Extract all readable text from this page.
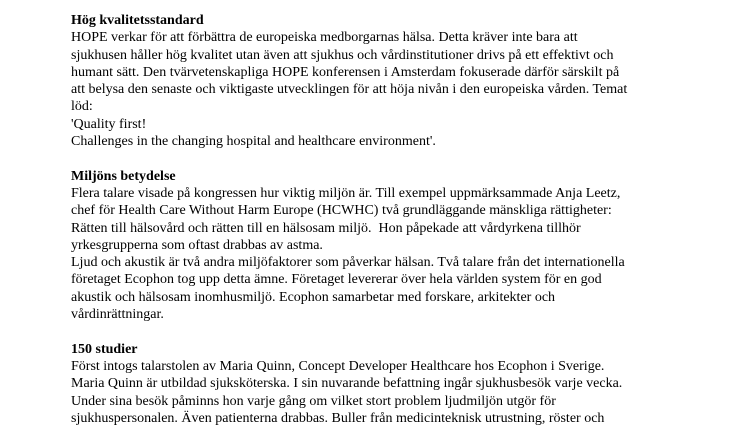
Hög kvalitetsstandard

HOPE verkar för att förbättra de europeiska medborgarnas hälsa. Detta kräver inte bara att

sjukhusen håller hög kvalitet utan även att sjukhus och vårdinstitutioner drivs på ett effektivt och

humant sätt. Den tvärvetenskapliga HOPE konferensen i Amsterdam fokuserade därför särskilt på

att belysa den senaste och viktigaste utvecklingen för att höja nivån i den europeiska vården. Temat

löd:

'Quality first!

Challenges in the changing hospital and healthcare environment'.

Miljöns betydelse

Flera talare visade på kongressen hur viktig miljön är. Till exempel uppmärksammade Anja Leetz,

chef för Health Care Without Harm Europe (HCWHC) två grundläggande mänskliga rättigheter:

Rätten till hälsovård och rätten till en hälsosam miljö.  Hon påpekade att vårdyrkena tillhör

yrkesgrupperna som oftast drabbas av astma.

Ljud och akustik är två andra miljöfaktorer som påverkar hälsan. Två talare från det internationella

företaget Ecophon tog upp detta ämne. Företaget levererar över hela världen system för en god

akustik och hälsosam inomhusmiljö. Ecophon samarbetar med forskare, arkitekter och

vårdinrättningar.

150 studier

Först intogs talarstolen av Maria Quinn, Concept Developer Healthcare hos Ecophon i Sverige.

Maria Quinn är utbildad sjuksköterska. I sin nuvarande befattning ingår sjukhusbesök varje vecka.

Under sina besök påminns hon varje gång om vilket stort problem ljudmiljön utgör för

sjukhuspersonalen. Även patienterna drabbas. Buller från medicinteknisk utrustning, röster och
